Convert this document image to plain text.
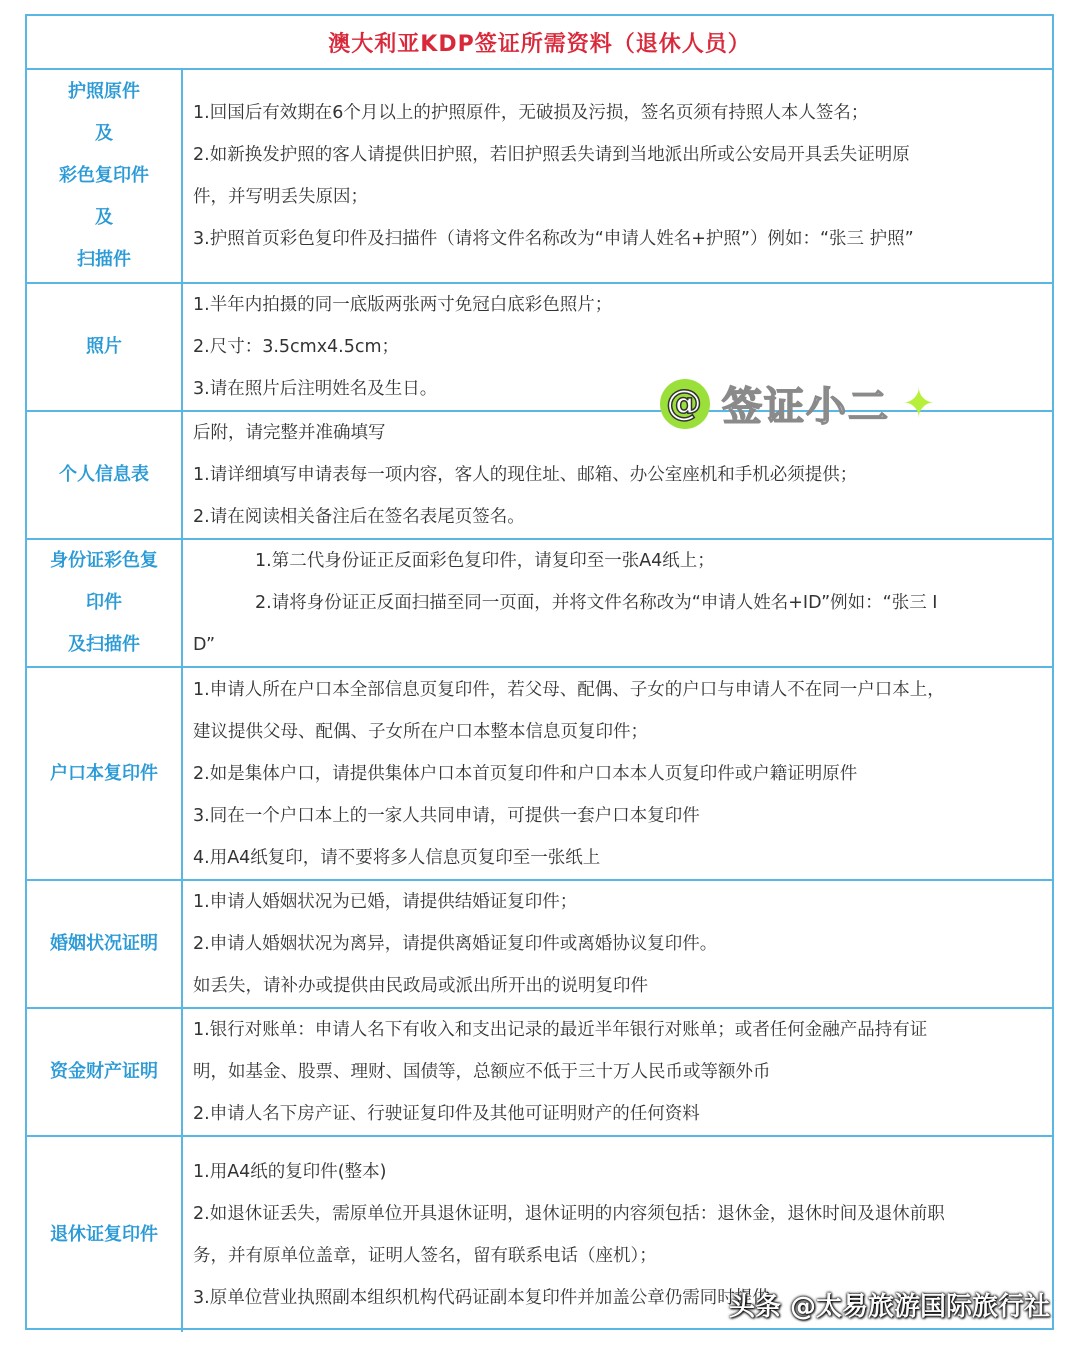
澳大利亚KDP签证所需资料（退休人员）
护照原件
及
彩色复印件
及
扫描件
1.回国后有效期在6个月以上的护照原件，无破损及污损，签名页须有持照人本人签名；
2.如新换发护照的客人请提供旧护照，若旧护照丢失请到当地派出所或公安局开具丢失证明原
件，并写明丢失原因；
3.护照首页彩色复印件及扫描件（请将文件名称改为“申请人姓名+护照”）例如：“张三 护照”
照片
1.半年内拍摄的同一底版两张两寸免冠白底彩色照片；
2.尺寸：3.5cmx4.5cm；
3.请在照片后注明姓名及生日。
个人信息表
后附，请完整并准确填写
1.请详细填写申请表每一项内容，客人的现住址、邮箱、办公室座机和手机必须提供；
2.请在阅读相关备注后在签名表尾页签名。
身份证彩色复
印件
及扫描件
1.第二代身份证正反面彩色复印件，请复印至一张A4纸上；
2.请将身份证正反面扫描至同一页面，并将文件名称改为“申请人姓名+ID”例如：“张三 I
D”
户口本复印件
1.申请人所在户口本全部信息页复印件，若父母、配偶、子女的户口与申请人不在同一户口本上，
建议提供父母、配偶、子女所在户口本整本信息页复印件；
2.如是集体户口，请提供集体户口本首页复印件和户口本本人页复印件或户籍证明原件
3.同在一个户口本上的一家人共同申请，可提供一套户口本复印件
4.用A4纸复印，请不要将多人信息页复印至一张纸上
婚姻状况证明
1.申请人婚姻状况为已婚，请提供结婚证复印件；
2.申请人婚姻状况为离异，请提供离婚证复印件或离婚协议复印件。
如丢失，请补办或提供由民政局或派出所开出的说明复印件
资金财产证明
1.银行对账单：申请人名下有收入和支出记录的最近半年银行对账单；或者任何金融产品持有证
明，如基金、股票、理财、国债等，总额应不低于三十万人民币或等额外币
2.申请人名下房产证、行驶证复印件及其他可证明财产的任何资料
退休证复印件
1.用A4纸的复印件(整本)
2.如退休证丢失，需原单位开具退休证明，退休证明的内容须包括：退休金，退休时间及退休前职
务，并有原单位盖章，证明人签名，留有联系电话（座机）；
3.原单位营业执照副本组织机构代码证副本复印件并加盖公章仍需同时提供
@ 签证小二 ✦
头条 @太易旅游国际旅行社
